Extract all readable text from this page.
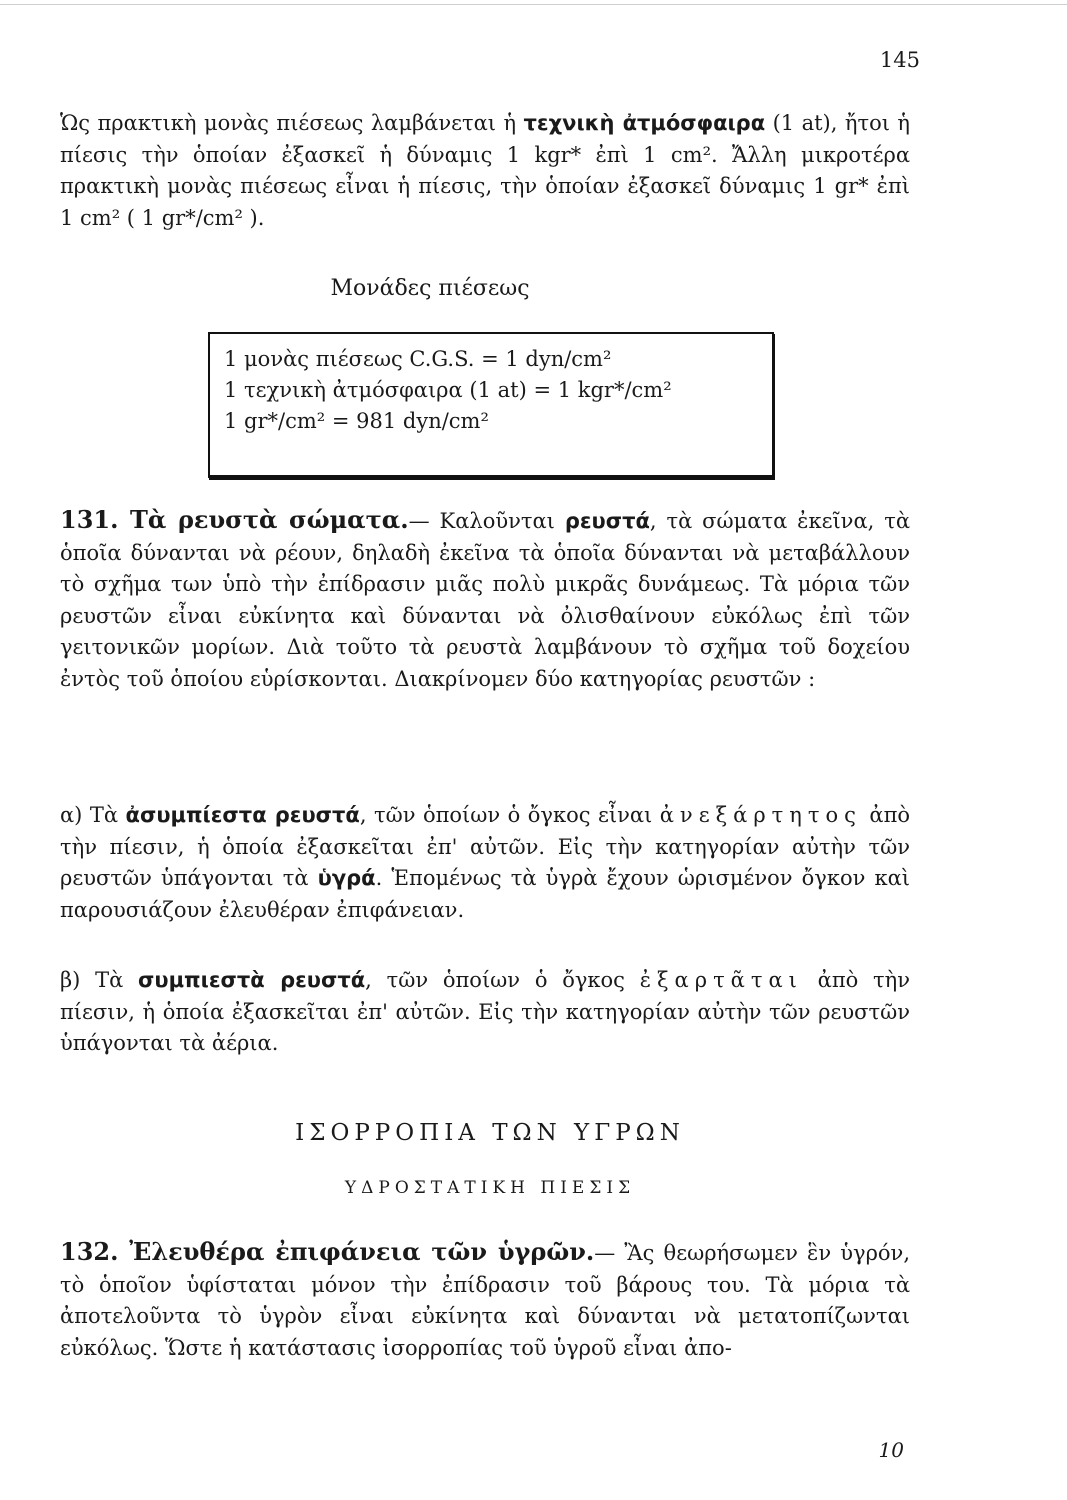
145

Ὡς πρακτικὴ μονὰς πιέσεως λαμβάνεται ἡ τεχνικὴ ἀτμόσφαιρα (1 at), ἤτοι ἡ πίεσις τὴν ὁποίαν ἐξασκεῖ ἡ δύναμις 1 kgr* ἐπὶ 1 cm². Ἄλλη μικροτέρα πρακτικὴ μονὰς πιέσεως εἶναι ἡ πίεσις, τὴν ὁποίαν ἐξασκεῖ δύναμις 1 gr* ἐπὶ 1 cm² ( 1 gr*/cm² ).

Μονάδες πιέσεως
1 μονὰς πιέσεως C.G.S. = 1 dyn/cm²
1 τεχνικὴ ἀτμόσφαιρα (1 at) = 1 kgr*/cm²
1 gr*/cm² = 981 dyn/cm²

131. Τὰ ρευστὰ σώματα.— Καλοῦνται ρευστά, τὰ σώματα ἐκεῖνα, τὰ ὁποῖα δύνανται νὰ ρέουν, δηλαδὴ ἐκεῖνα τὰ ὁποῖα δύνανται νὰ μεταβάλλουν τὸ σχῆμα των ὑπὸ τὴν ἐπίδρασιν μιᾶς πολὺ μικρᾶς δυνάμεως. Τὰ μόρια τῶν ρευστῶν εἶναι εὐκίνητα καὶ δύνανται νὰ ὀλισθαίνουν εὐκόλως ἐπὶ τῶν γειτονικῶν μορίων. Διὰ τοῦτο τὰ ρευστὰ λαμβάνουν τὸ σχῆμα τοῦ δοχείου ἐντὸς τοῦ ὁποίου εὑρίσκονται. Διακρίνομεν δύο κατηγορίας ρευστῶν :

α) Τὰ ἀσυμπίεστα ρευστά, τῶν ὁποίων ὁ ὄγκος εἶναι ἀνεξάρτητος ἀπὸ τὴν πίεσιν, ἡ ὁποία ἐξασκεῖται ἐπ' αὐτῶν. Εἰς τὴν κατηγορίαν αὐτὴν τῶν ρευστῶν ὑπάγονται τὰ ὑγρά. Ἑπομένως τὰ ὑγρὰ ἔχουν ὡρισμένον ὄγκον καὶ παρουσιάζουν ἐλευθέραν ἐπιφάνειαν.

β) Τὰ συμπιεστὰ ρευστά, τῶν ὁποίων ὁ ὄγκος ἐξαρτᾶται ἀπὸ τὴν πίεσιν, ἡ ὁποία ἐξασκεῖται ἐπ' αὐτῶν. Εἰς τὴν κατηγορίαν αὐτὴν τῶν ρευστῶν ὑπάγονται τὰ ἀέρια.

ΙΣΟΡΡΟΠΙΑ ΤΩΝ ΥΓΡΩΝ
ΥΔΡΟΣΤΑΤΙΚΗ ΠΙΕΣΙΣ

132. Ἐλευθέρα ἐπιφάνεια τῶν ὑγρῶν.— Ἂς θεωρήσωμεν ἓν ὑγρόν, τὸ ὁποῖον ὑφίσταται μόνον τὴν ἐπίδρασιν τοῦ βάρους του. Τὰ μόρια τὰ ἀποτελοῦντα τὸ ὑγρὸν εἶναι εὐκίνητα καὶ δύνανται νὰ μετατοπίζωνται εὐκόλως. Ὥστε ἡ κατάστασις ἰσορροπίας τοῦ ὑγροῦ εἶναι ἀπο-

10
